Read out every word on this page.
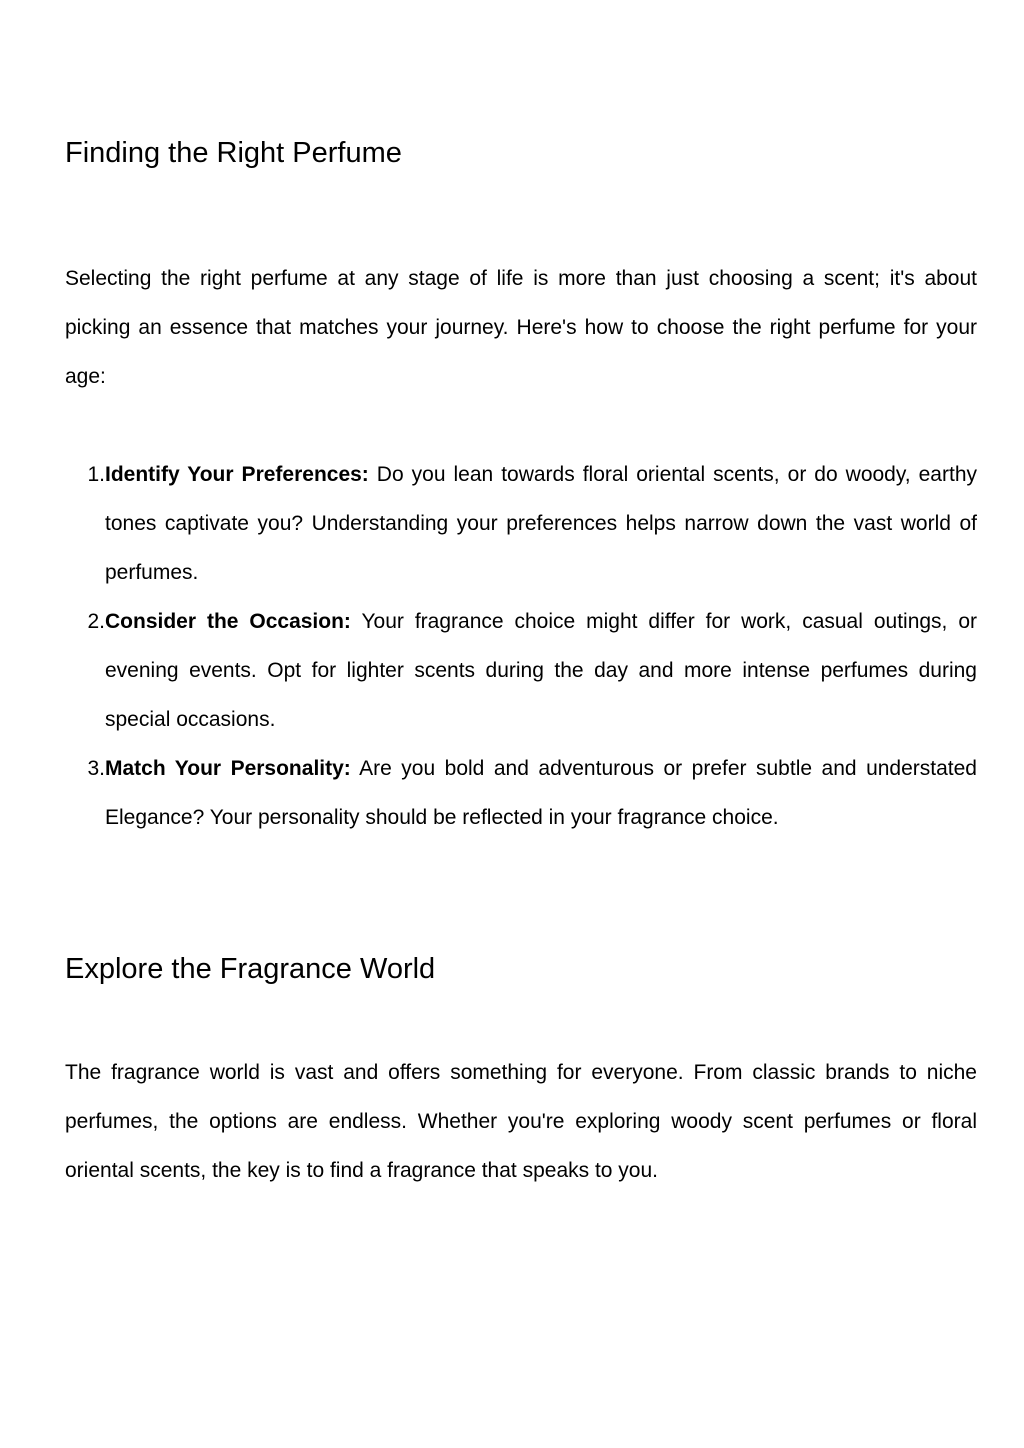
Finding the Right Perfume

Selecting the right perfume at any stage of life is more than just choosing a scent; it's about picking an essence that matches your journey. Here's how to choose the right perfume for your age:

1. Identify Your Preferences: Do you lean towards floral oriental scents, or do woody, earthy tones captivate you? Understanding your preferences helps narrow down the vast world of perfumes.
2. Consider the Occasion: Your fragrance choice might differ for work, casual outings, or evening events. Opt for lighter scents during the day and more intense perfumes during special occasions.
3. Match Your Personality: Are you bold and adventurous or prefer subtle and understated Elegance? Your personality should be reflected in your fragrance choice.
Explore the Fragrance World

The fragrance world is vast and offers something for everyone. From classic brands to niche perfumes, the options are endless. Whether you're exploring woody scent perfumes or floral oriental scents, the key is to find a fragrance that speaks to you.
